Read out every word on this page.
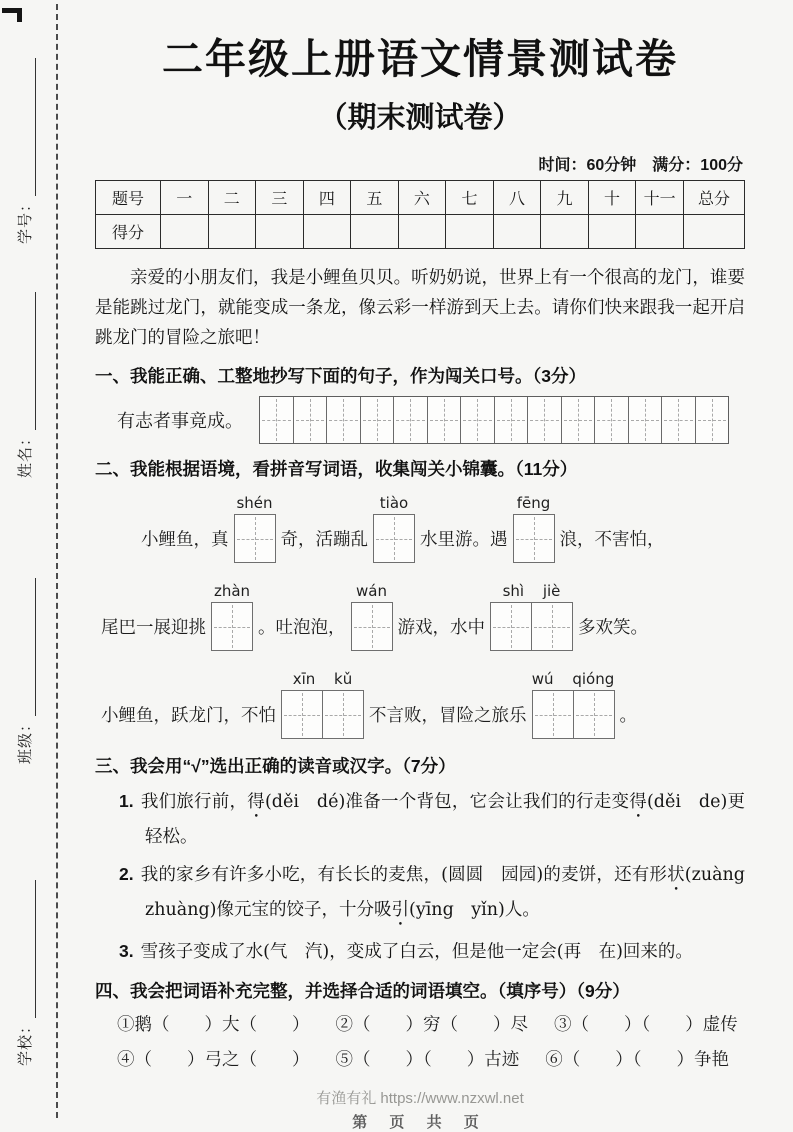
学号：
姓名：
班级：
学校：
二年级上册语文情景测试卷
（期末测试卷）
时间：60分钟　满分：100分
题号	一	二	三	四	五	六	七	八	九	十	十一	总分
得分												

亲爱的小朋友们，我是小鲤鱼贝贝。听奶奶说，世界上有一个很高的龙门，谁要是能跳过龙门，就能变成一条龙，像云彩一样游到天上去。请你们快来跟我一起开启跳龙门的冒险之旅吧！

一、我能正确、工整地抄写下面的句子，作为闯关口号。（3分）
有志者事竟成。
二、我能根据语境，看拼音写词语，收集闯关小锦囊。（11分）
小鲤鱼，真
shén
奇，活蹦乱
tiào
水里游。遇
fēng
浪，不害怕，
尾巴一展迎挑
zhàn
。吐泡泡，
wán
游戏，水中
shì jiè
多欢笑。
小鲤鱼，跃龙门，不怕
xīn kǔ
不言败，冒险之旅乐
wú qióng
。
三、我会用“√”选出正确的读音或汉字。（7分）
1. 我们旅行前，得(děi　dé)准备一个背包，它会让我们的行走变得(děi　de)更轻松。
2. 我的家乡有许多小吃，有长长的麦焦，(圆圆　园园)的麦饼，还有形状(zuàng　zhuàng)像元宝的饺子，十分吸引(yīng　yǐn)人。
3. 雪孩子变成了水(气　汽)，变成了白云，但是他一定会(再　在)回来的。
四、我会把词语补充完整，并选择合适的词语填空。（填序号）（9分）
①鹅（　　）大（　　） ②（　　）穷（　　）尽 ③（　　）（　　）虚传
④（　　）弓之（　　） ⑤（　　）（　　）古迹 ⑥（　　）（　　）争艳
有渔有礼 https://www.nzxwl.net
第 页 共 页
